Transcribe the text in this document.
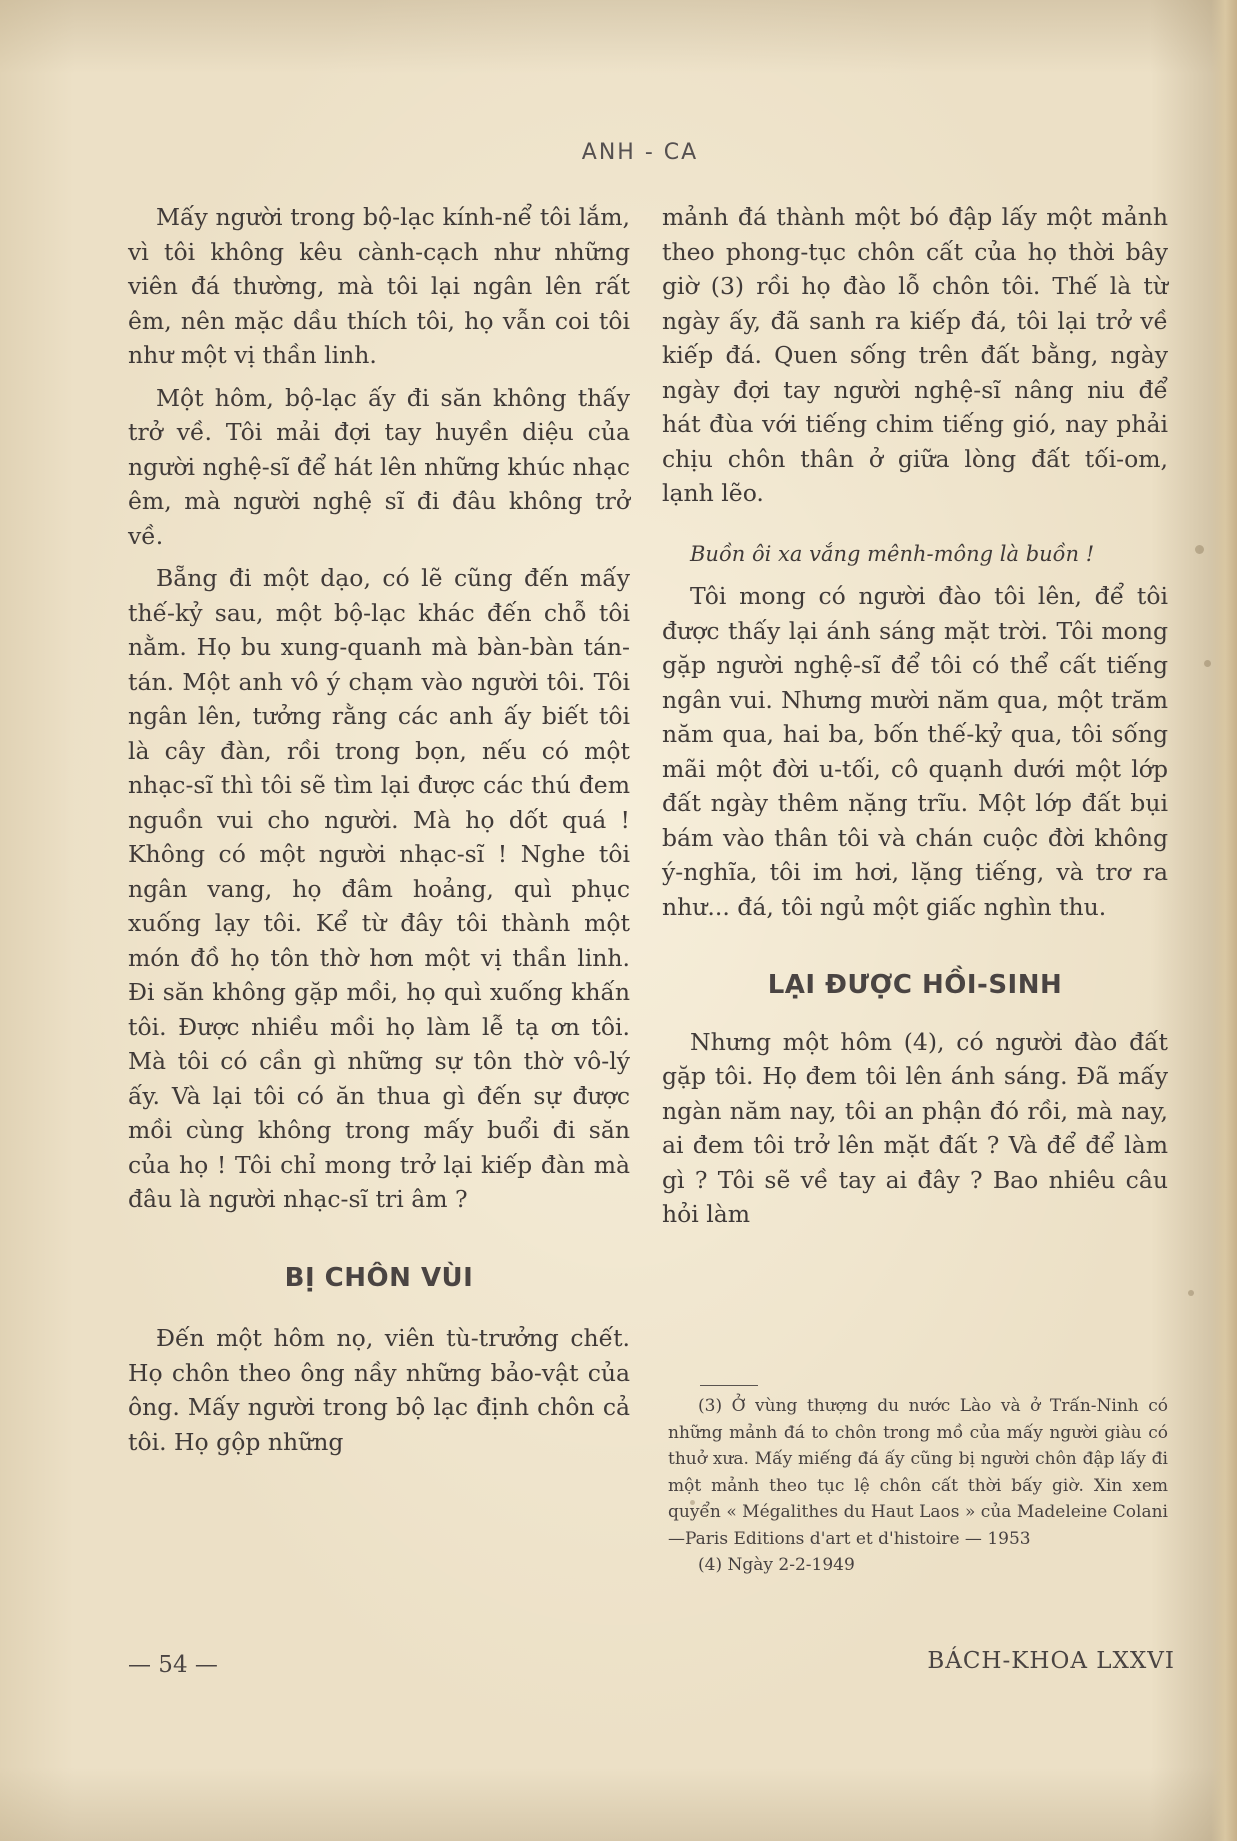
ANH - CA

Mấy người trong bộ-lạc kính-nể tôi lắm, vì tôi không kêu cành-cạch như những viên đá thường, mà tôi lại ngân lên rất êm, nên mặc dầu thích tôi, họ vẫn coi tôi như một vị thần linh.

Một hôm, bộ-lạc ấy đi săn không thấy trở về. Tôi mải đợi tay huyền diệu của người nghệ-sĩ để hát lên những khúc nhạc êm, mà người nghệ sĩ đi đâu không trở về.

Bẵng đi một dạo, có lẽ cũng đến mấy thế-kỷ sau, một bộ-lạc khác đến chỗ tôi nằm. Họ bu xung-quanh mà bàn-bàn tán-tán. Một anh vô ý chạm vào người tôi. Tôi ngân lên, tưởng rằng các anh ấy biết tôi là cây đàn, rồi trong bọn, nếu có một nhạc-sĩ thì tôi sẽ tìm lại được các thú đem nguồn vui cho người. Mà họ dốt quá ! Không có một người nhạc-sĩ ! Nghe tôi ngân vang, họ đâm hoảng, quì phục xuống lạy tôi. Kể từ đây tôi thành một món đồ họ tôn thờ hơn một vị thần linh. Đi săn không gặp mồi, họ quì xuống khấn tôi. Được nhiều mồi họ làm lễ tạ ơn tôi. Mà tôi có cần gì những sự tôn thờ vô-lý ấy. Và lại tôi có ăn thua gì đến sự được mồi cùng không trong mấy buổi đi săn của họ ! Tôi chỉ mong trở lại kiếp đàn mà đâu là người nhạc-sĩ tri âm ?

BỊ CHÔN VÙI

Đến một hôm nọ, viên tù-trưởng chết. Họ chôn theo ông nầy những bảo-vật của ông. Mấy người trong bộ lạc định chôn cả tôi. Họ gộp những

mảnh đá thành một bó đập lấy một mảnh theo phong-tục chôn cất của họ thời bây giờ (3) rồi họ đào lỗ chôn tôi. Thế là từ ngày ấy, đã sanh ra kiếp đá, tôi lại trở về kiếp đá. Quen sống trên đất bằng, ngày ngày đợi tay người nghệ-sĩ nâng niu để hát đùa với tiếng chim tiếng gió, nay phải chịu chôn thân ở giữa lòng đất tối-om, lạnh lẽo.

Buồn ôi xa vắng mênh-mông là buồn !

Tôi mong có người đào tôi lên, để tôi được thấy lại ánh sáng mặt trời. Tôi mong gặp người nghệ-sĩ để tôi có thể cất tiếng ngân vui. Nhưng mười năm qua, một trăm năm qua, hai ba, bốn thế-kỷ qua, tôi sống mãi một đời u-tối, cô quạnh dưới một lớp đất ngày thêm nặng trĩu. Một lớp đất bụi bám vào thân tôi và chán cuộc đời không ý-nghĩa, tôi im hơi, lặng tiếng, và trơ ra như... đá, tôi ngủ một giấc nghìn thu.

LẠI ĐƯỢC HỒI-SINH

Nhưng một hôm (4), có người đào đất gặp tôi. Họ đem tôi lên ánh sáng. Đã mấy ngàn năm nay, tôi an phận đó rồi, mà nay, ai đem tôi trở lên mặt đất ? Và để để làm gì ? Tôi sẽ về tay ai đây ? Bao nhiêu câu hỏi làm

(3) Ở vùng thượng du nước Lào và ở Trấn-Ninh có những mảnh đá to chôn trong mồ của mấy người giàu có thuở xưa. Mấy miếng đá ấy cũng bị người chôn đập lấy đi một mảnh theo tục lệ chôn cất thời bấy giờ. Xin xem quyển « Mégalithes du Haut Laos » của Madeleine Colani—Paris Editions d'art et d'histoire — 1953

(4) Ngày 2-2-1949

— 54 —	BÁCH-KHOA LXXVI
